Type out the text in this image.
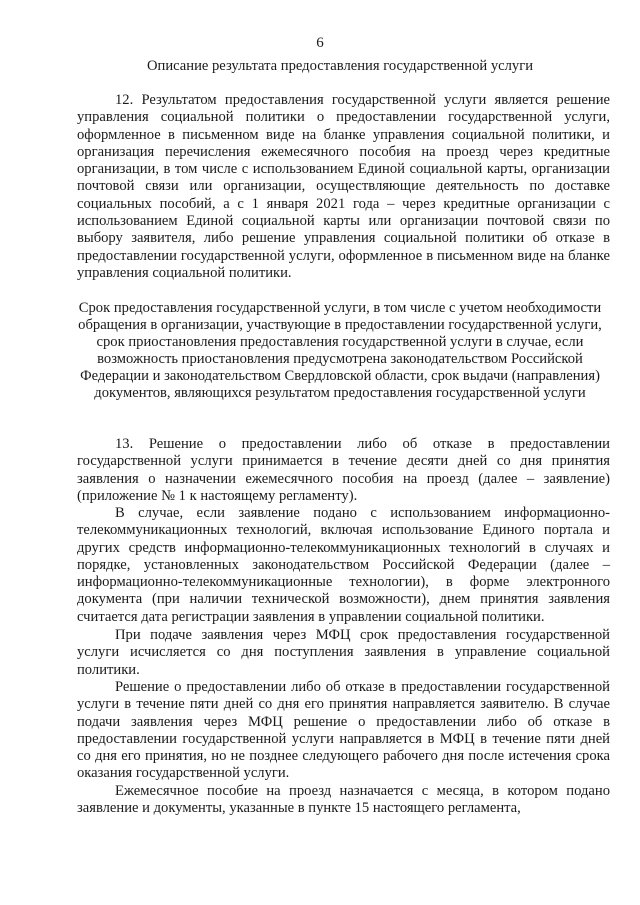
6
Описание результата предоставления государственной услуги

12. Результатом предоставления государственной услуги является решение управления социальной политики о предоставлении государственной услуги, оформленное в письменном виде на бланке управления социальной политики, и организация перечисления ежемесячного пособия на проезд через кредитные организации, в том числе с использованием Единой социальной карты, организации почтовой связи или организации, осуществляющие деятельность по доставке социальных пособий, а с 1 января 2021 года – через кредитные организации с использованием Единой социальной карты или организации почтовой связи по выбору заявителя, либо решение управления социальной политики об отказе в предоставлении государственной услуги, оформленное в письменном виде на бланке управления социальной политики.

Срок предоставления государственной услуги, в том числе с учетом необходимости обращения в организации, участвующие в предоставлении государственной услуги, срок приостановления предоставления государственной услуги в случае, если возможность приостановления предусмотрена законодательством Российской Федерации и законодательством Свердловской области, срок выдачи (направления) документов, являющихся результатом предоставления государственной услуги

13. Решение о предоставлении либо об отказе в предоставлении государственной услуги принимается в течение десяти дней со дня принятия заявления о назначении ежемесячного пособия на проезд (далее – заявление) (приложение № 1 к настоящему регламенту).

В случае, если заявление подано с использованием информационно-телекоммуникационных технологий, включая использование Единого портала и других средств информационно-телекоммуникационных технологий в случаях и порядке, установленных законодательством Российской Федерации (далее – информационно-телекоммуникационные технологии), в форме электронного документа (при наличии технической возможности), днем принятия заявления считается дата регистрации заявления в управлении социальной политики.

При подаче заявления через МФЦ срок предоставления государственной услуги исчисляется со дня поступления заявления в управление социальной политики.

Решение о предоставлении либо об отказе в предоставлении государственной услуги в течение пяти дней со дня его принятия направляется заявителю. В случае подачи заявления через МФЦ решение о предоставлении либо об отказе в предоставлении государственной услуги направляется в МФЦ в течение пяти дней со дня его принятия, но не позднее следующего рабочего дня после истечения срока оказания государственной услуги.

Ежемесячное пособие на проезд назначается с месяца, в котором подано заявление и документы, указанные в пункте 15 настоящего регламента,
